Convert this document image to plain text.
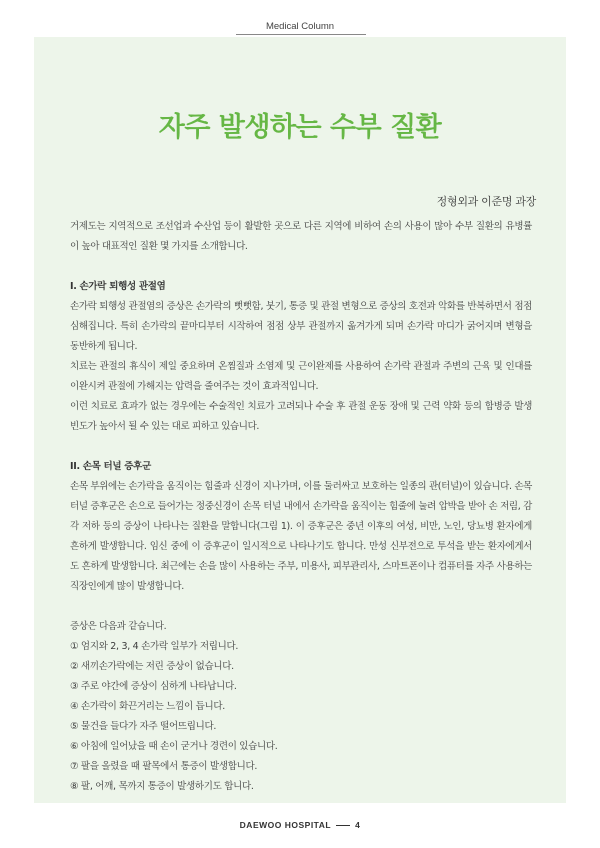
Medical Column
자주 발생하는 수부 질환
정형외과 이준명 과장

거제도는 지역적으로 조선업과 수산업 등이 활발한 곳으로 다른 지역에 비하여 손의 사용이 많아 수부 질환의 유병률이 높아 대표적인 질환 몇 가지를 소개합니다.

I. 손가락 퇴행성 관절염

손가락 퇴행성 관절염의 증상은 손가락의 뻣뻣함, 붓기, 통증 및 관절 변형으로 증상의 호전과 악화를 반복하면서 점점 심해집니다. 특히 손가락의 끝마디부터 시작하여 점점 상부 관절까지 옮겨가게 되며 손가락 마디가 굵어지며 변형을 동반하게 됩니다.

치료는 관절의 휴식이 제일 중요하며 온찜질과 소염제 및 근이완제를 사용하여 손가락 관절과 주변의 근육 및 인대를 이완시켜 관절에 가해지는 압력을 줄여주는 것이 효과적입니다.

이런 치료로 효과가 없는 경우에는 수술적인 치료가 고려되나 수술 후 관절 운동 장애 및 근력 약화 등의 합병증 발생 빈도가 높아서 될 수 있는 대로 피하고 있습니다.

II. 손목 터널 증후군

손목 부위에는 손가락을 움직이는 힘줄과 신경이 지나가며, 이를 둘러싸고 보호하는 일종의 관(터널)이 있습니다. 손목 터널 증후군은 손으로 들어가는 정중신경이 손목 터널 내에서 손가락을 움직이는 힘줄에 눌려 압박을 받아 손 저림, 감각 저하 등의 증상이 나타나는 질환을 말합니다(그림 1). 이 증후군은 중년 이후의 여성, 비만, 노인, 당뇨병 환자에게 흔하게 발생합니다. 임신 중에 이 증후군이 일시적으로 나타나기도 합니다. 만성 신부전으로 투석을 받는 환자에게서도 흔하게 발생합니다. 최근에는 손을 많이 사용하는 주부, 미용사, 피부관리사, 스마트폰이나 컴퓨터를 자주 사용하는 직장인에게 많이 발생합니다.

증상은 다음과 같습니다.

① 엄지와 2, 3, 4 손가락 일부가 저립니다.
② 새끼손가락에는 저린 증상이 없습니다.
③ 주로 야간에 증상이 심하게 나타납니다.
④ 손가락이 화끈거리는 느낌이 듭니다.
⑤ 물건을 들다가 자주 떨어뜨립니다.
⑥ 아침에 일어났을 때 손이 굳거나 경련이 있습니다.
⑦ 팔을 올렸을 때 팔목에서 통증이 발생합니다.
⑧ 팔, 어깨, 목까지 통증이 발생하기도 합니다.
DAEWOO HOSPITAL	4
